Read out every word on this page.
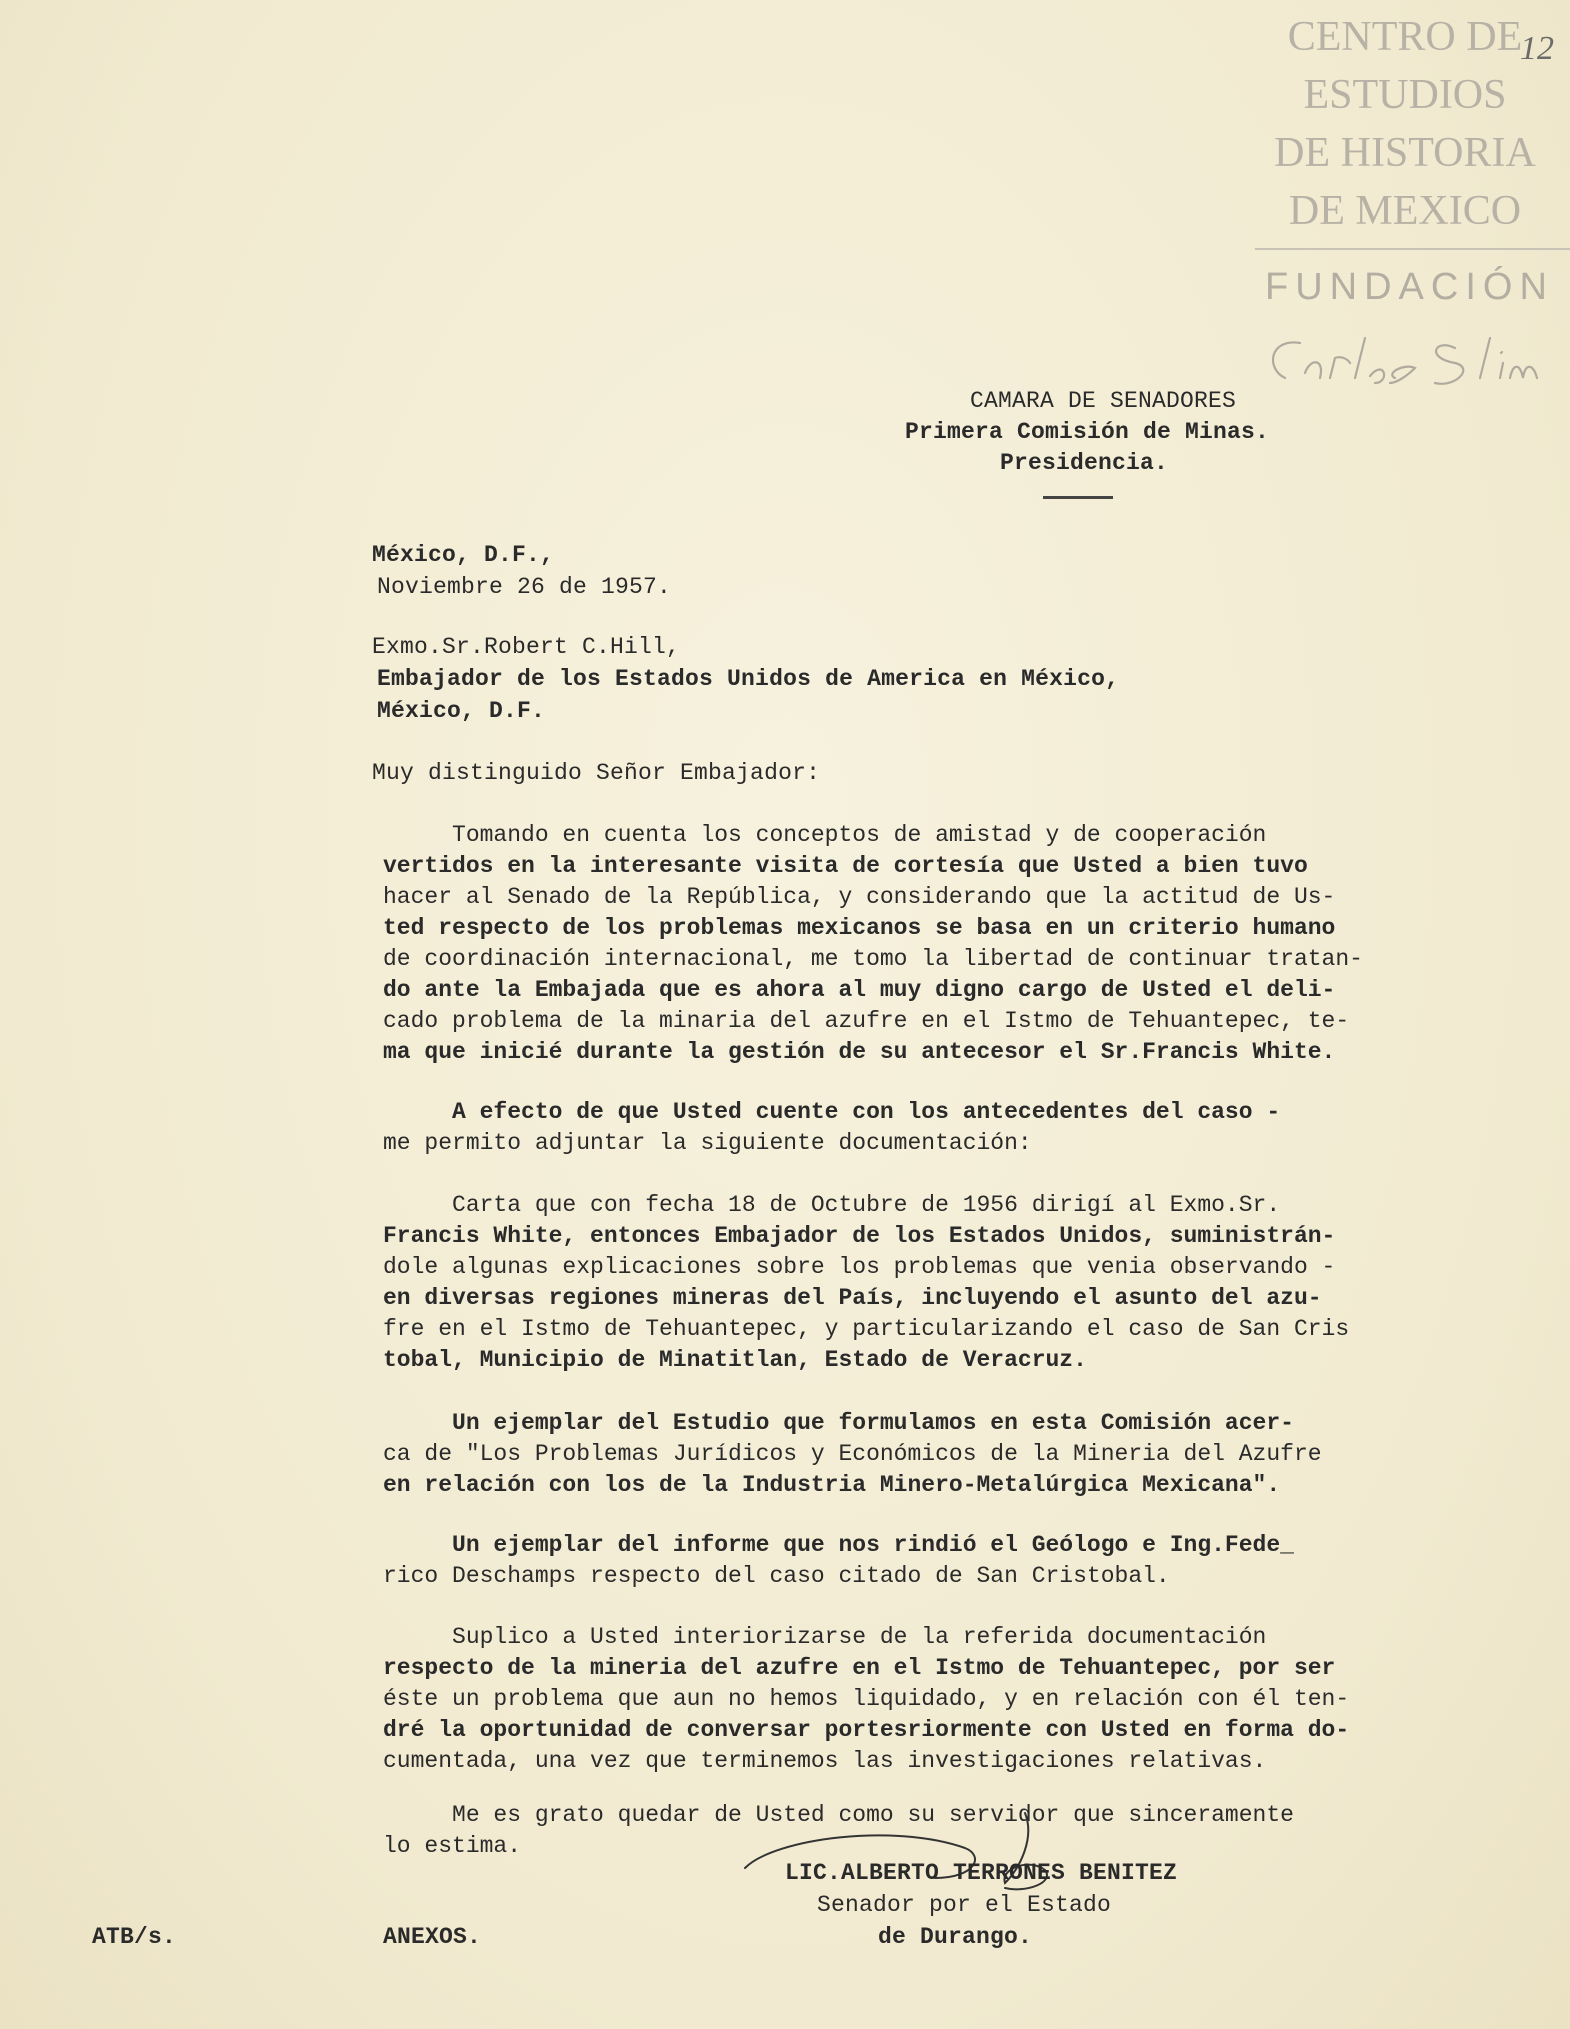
CENTRO DE
ESTUDIOS
DE HISTORIA
DE MEXICO
FUNDACIÓN
12
CAMARA DE SENADORES
Primera Comisión de Minas.
Presidencia.
México, D.F.,
Noviembre 26 de 1957.
Exmo.Sr.Robert C.Hill,
Embajador de los Estados Unidos de America en México,
México, D.F.
Muy distinguido Señor Embajador:
Tomando en cuenta los conceptos de amistad y de cooperación
vertidos en la interesante visita de cortesía que Usted a bien tuvo
hacer al Senado de la República, y considerando que la actitud de Us-
ted respecto de los problemas mexicanos se basa en un criterio humano
de coordinación internacional, me tomo la libertad de continuar tratan-
do ante la Embajada que es ahora al muy digno cargo de Usted el deli-
cado problema de la minaria del azufre en el Istmo de Tehuantepec, te-
ma que inicié durante la gestión de su antecesor el Sr.Francis White.
A efecto de que Usted cuente con los antecedentes del caso -
me permito adjuntar la siguiente documentación:
Carta que con fecha 18 de Octubre de 1956 dirigí al Exmo.Sr.
Francis White, entonces Embajador de los Estados Unidos, suministrán-
dole algunas explicaciones sobre los problemas que venia observando -
en diversas regiones mineras del País, incluyendo el asunto del azu-
fre en el Istmo de Tehuantepec, y particularizando el caso de San Cris
tobal, Municipio de Minatitlan, Estado de Veracruz.
Un ejemplar del Estudio que formulamos en esta Comisión acer-
ca de "Los Problemas Jurídicos y Económicos de la Mineria del Azufre
en relación con los de la Industria Minero-Metalúrgica Mexicana".
Un ejemplar del informe que nos rindió el Geólogo e Ing.Fede_
rico Deschamps respecto del caso citado de San Cristobal.
Suplico a Usted interiorizarse de la referida documentación
respecto de la mineria del azufre en el Istmo de Tehuantepec, por ser
éste un problema que aun no hemos liquidado, y en relación con él ten-
dré la oportunidad de conversar portesriormente con Usted en forma do-
cumentada, una vez que terminemos las investigaciones relativas.
Me es grato quedar de Usted como su servidor que sinceramente
lo estima.
LIC.ALBERTO TERRONES BENITEZ
Senador por el Estado
de Durango.
ATB/s.	ANEXOS.
